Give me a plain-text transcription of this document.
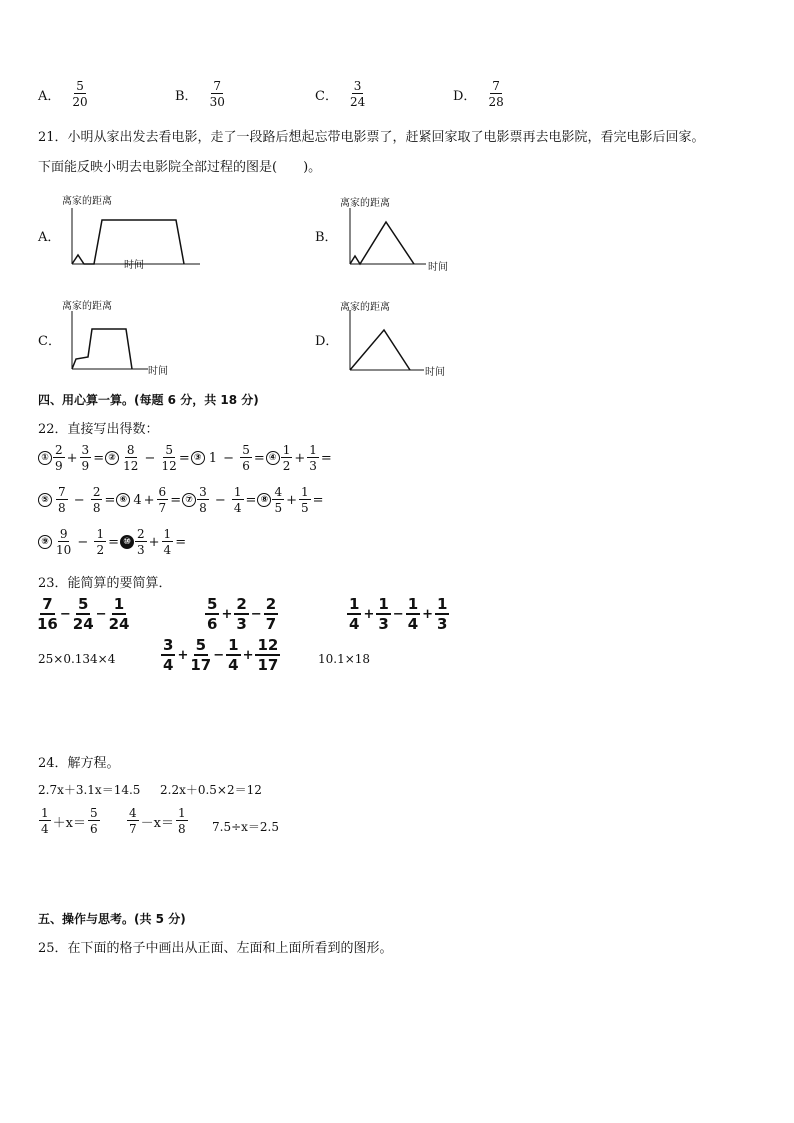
A． $\frac{5}{20}$	B． $\frac{7}{30}$	C． $\frac{3}{24}$	D． $\frac{7}{28}$
21．小明从家出发去看电影，走了一段路后想起忘带电影票了，赶紧回家取了电影票再去电影院，看完电影后回家。
下面能反映小明去电影院全部过程的图是(　　)。
A．
离家的距离
B．
离家的距离
时间
C．
离家的距离
时间
D．
离家的距离
时间
时间
四、用心算一算。(每题 6 分，共 18 分)
22．直接写出得数：
① $\frac{2}{9} + \frac{3}{9}$ = ② $\frac{8}{12} - \frac{5}{12}$ = ③ $1 - \frac{5}{6}$ = ④ $\frac{1}{2} + \frac{1}{3}$ =
⑤ $\frac{7}{8} - \frac{2}{8}$ = ⑥ $4 + \frac{6}{7}$ = ⑦ $\frac{3}{8} - \frac{1}{4}$ = ⑧ $\frac{4}{5} + \frac{1}{5}$ =
⑨ $\frac{9}{10} - \frac{1}{2}$ = ⑩ $\frac{2}{3} + \frac{1}{4}$ =
23．能简算的要简算．
$\frac{7}{16} - \frac{5}{24} - \frac{1}{24}$	$\frac{5}{6} + \frac{2}{3} - \frac{2}{7}$	$\frac{1}{4} + \frac{1}{3} - \frac{1}{4} + \frac{1}{3}$
25×0.134×4	$\frac{3}{4} + \frac{5}{17} - \frac{1}{4} + \frac{12}{17}$	10.1×18
24．解方程。
2.7x＋3.1x＝14.5 2.2x＋0.5×2＝12
$\frac{1}{4} +x= \frac{5}{6} \frac{4}{7} -x= \frac{1}{8} 7.5\div x=2.5$
五、操作与思考。(共 5 分)
25．在下面的格子中画出从正面、左面和上面所看到的图形。
